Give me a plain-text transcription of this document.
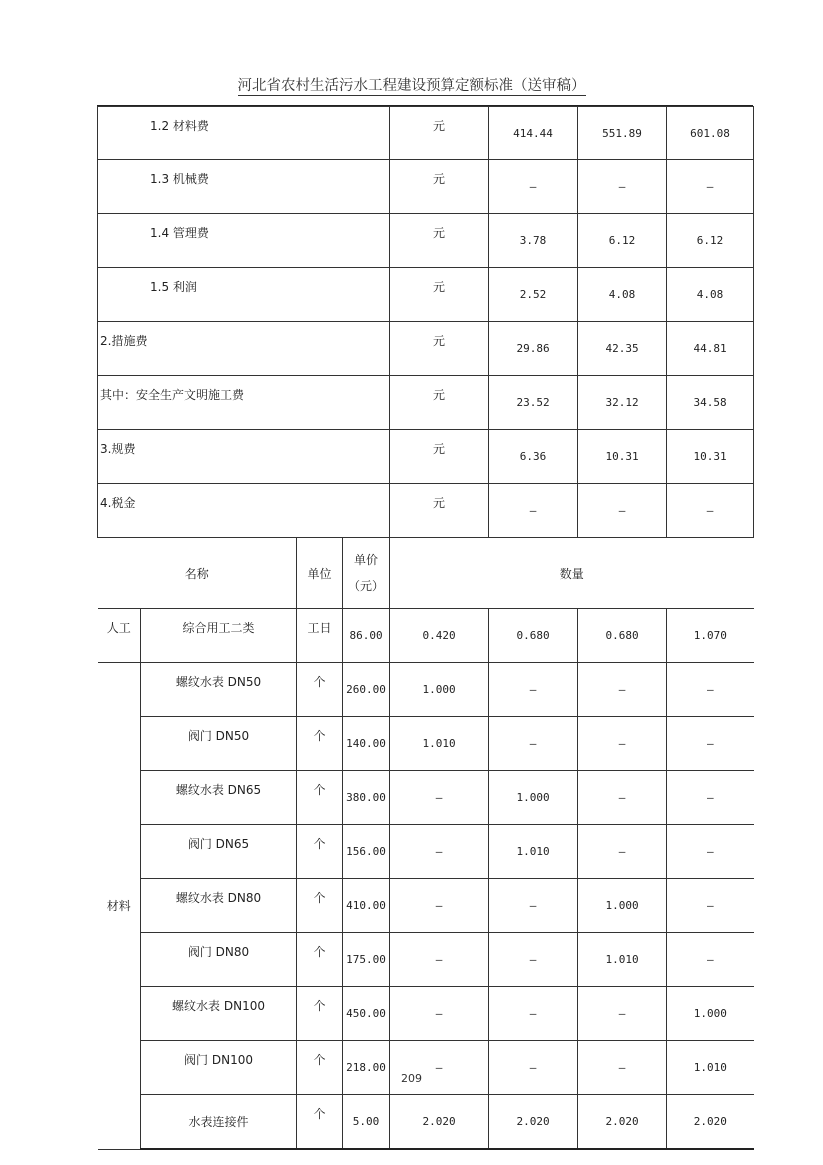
河北省农村生活污水工程建设预算定额标准（送审稿）
1.2 材料费				元	414.44	551.89	601.08	
1.3 机械费				元	–	–	–	
1.4 管理费				元	3.78	6.12	6.12	
1.5 利润				元	2.52	4.08	4.08	
2.措施费				元	29.86	42.35	44.81	
其中：安全生产文明施工费				元	23.52	32.12	34.58	
3.规费				元	6.36	10.31	10.31	
4.税金				元	–	–	–	
名称		单位	单价
（元）	数量				
人工	综合用工二类	工日	86.00	0.420	0.680	0.680	1.070	
材料	螺纹水表 DN50	个	260.00	1.000	–	–	–	
	阀门 DN50	个	140.00	1.010	–	–	–	
	螺纹水表 DN65	个	380.00	–	1.000	–	–	
	阀门 DN65	个	156.00	–	1.010	–	–	
	螺纹水表 DN80	个	410.00	–	–	1.000	–	
	阀门 DN80	个	175.00	–	–	1.010	–	
	螺纹水表 DN100	个	450.00	–	–	–	1.000	
	阀门 DN100	个	218.00	–	–	–	1.010	
	水表连接件	个	5.00	2.020	2.020	2.020	2.020	
209
